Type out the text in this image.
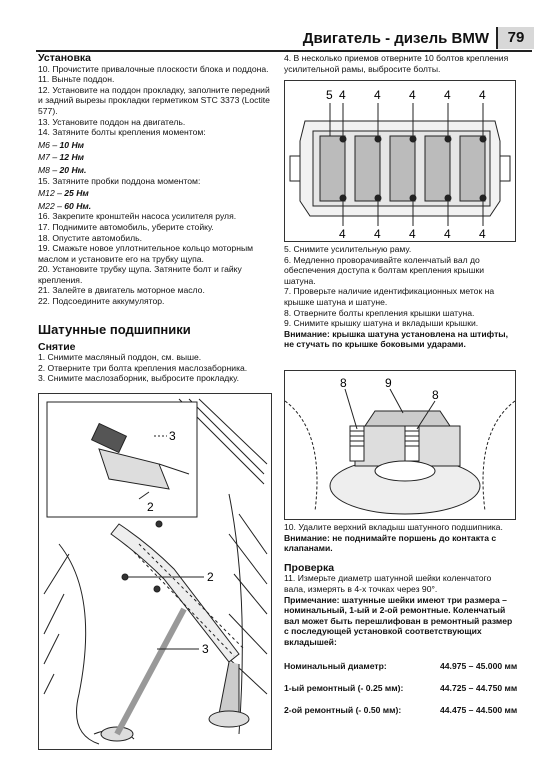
Двигатель - дизель BMW	79
Установка

10. Прочистите привалочные плоскости блока и поддона.

11. Выньте поддон.

12. Установите на поддон прокладку, заполните передний и задний вырезы прокладки герметиком STC 3373 (Loctite 577).

13. Установите поддон на двигатель.

14. Затяните болты крепления моментом:

М6 – 10 Нм

М7 – 12 Нм

М8 – 20 Нм.

15. Затяните пробки поддона моментом:

М12 – 25 Нм

М22 – 60 Нм.

16. Закрепите кронштейн насоса усилителя руля.

17. Поднимите автомобиль, уберите стойку.

18. Опустите автомобиль.

19. Смажьте новое уплотнительное кольцо моторным маслом и установите его на трубку щупа.

20. Установите трубку щупа. Затяните болт и гайку крепления.

21. Залейте в двигатель моторное масло.

22. Подсоедините аккумулятор.

Шатунные подшипники
Снятие

1. Снимите масляный поддон, см. выше.

2. Отверните три болта крепления маслозаборника.

3. Снимите маслозаборник, выбросите прокладку.

3
2
2
3

4. В несколько приемов отверните 10 болтов крепления усилительной рамы, выбросите болты.

5 4 4 4 4 4
4 4 4 4 4

5. Снимите усилительную раму.

6. Медленно проворачивайте коленчатый вал до обеспечения доступа к болтам крепления крышки шатуна.

7. Проверьте наличие идентификационных меток на крышке шатуна и шатуне.

8. Отверните болты крепления крышки шатуна.

9. Снимите крышку шатуна и вкладыши крышки.

Внимание: крышка шатуна установлена на штифты, не стучать по крышке боковыми ударами.

8	9
8

10. Удалите верхний вкладыш шатунного подшипника.

Внимание: не поднимайте поршень до контакта с клапанами.

Проверка

11. Измерьте диаметр шатунной шейки коленчатого вала, измерять в 4-х точках через 90°.

Примечание: шатунные шейки имеют три размера – номинальный, 1-ый и 2-ой ремонтные. Коленчатый вал может быть перешлифован в ремонтный размер с последующей установкой соответствующих вкладышей:

Номинальный диаметр:	44.975 – 45.000 мм
1-ый ремонтный (- 0.25 мм):	44.725 – 44.750 мм
2-ой ремонтный (- 0.50 мм):	44.475 – 44.500 мм
